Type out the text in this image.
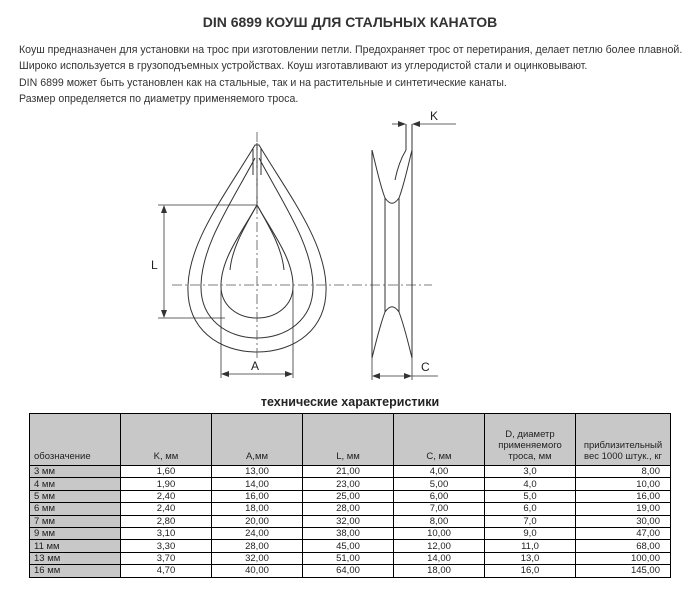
DIN 6899 КОУШ ДЛЯ СТАЛЬНЫХ КАНАТОВ
Коуш предназначен для установки на трос при изготовлении петли. Предохраняет трос от перетирания, делает петлю более плавной.
Широко используется в грузоподъемных устройствах. Коуш изготавливают из углеродистой стали и оцинковывают.
DIN 6899 может быть установлен как на стальные, так и на растительные и синтетические канаты.
Размер определяется по диаметру применяемого троса.
L
A
K
C
технические характеристики
обозначение	K, мм	A,мм	L, мм	C, мм	D, диаметр применяемого троса, мм	приблизительный вес 1000 штук., кг
3 мм	1,60	13,00	21,00	4,00	3,0	8,00
4 мм	1,90	14,00	23,00	5,00	4,0	10,00
5 мм	2,40	16,00	25,00	6,00	5,0	16,00
6 мм	2,40	18,00	28,00	7,00	6,0	19,00
7 мм	2,80	20,00	32,00	8,00	7,0	30,00
9 мм	3,10	24,00	38,00	10,00	9,0	47,00
11 мм	3,30	28,00	45,00	12,00	11,0	68,00
13 мм	3,70	32,00	51,00	14,00	13,0	100,00
16 мм	4,70	40,00	64,00	18,00	16,0	145,00
